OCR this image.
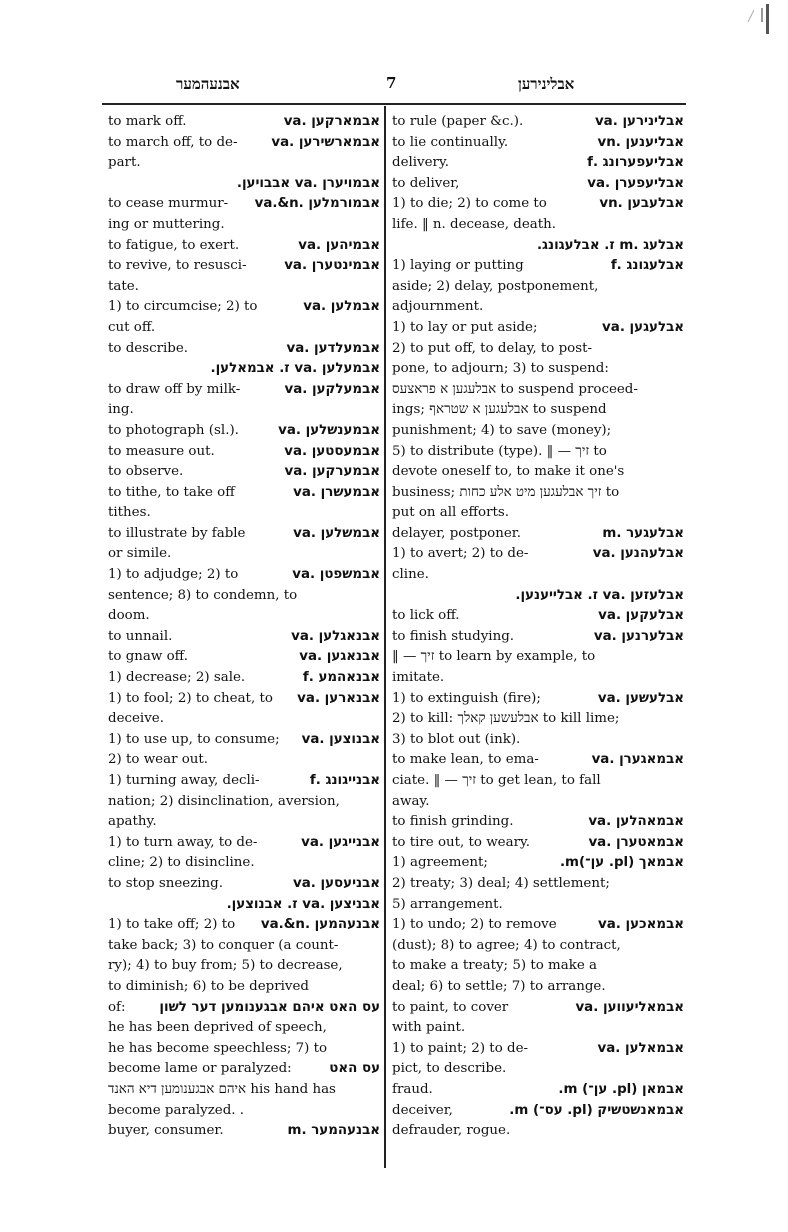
אבנעהמער	7	אבלינירען
to mark off.	אבמארקען .va
to march off, to de-	אבמארשירען .va
part.
אבמויערן .va אבבויען.
to cease murmur- אבמורמלען .va.&n
ing or muttering.
to fatigue, to exert.	אבמיהען .va
to revive, to resusci-	אבמינטערן .va
tate.
1) to circumcise; 2) to	אבמלען .va
cut off.
to describe.	אבמעלדען .va
אבמעלען .va ז. אבמאלען.
to draw off by milk-	אבמעלקען .va
ing.
to photograph (sl.).	אבמענשלען .va
to measure out.	אבמעסטען .va
to observe.	אבמערקען .va
to tithe, to take off	אבמעשרן .va
tithes.
to illustrate by fable	אבמשלען .va
or simile.
1) to adjudge; 2) to	אבמשפטן .va
sentence; 8) to condemn, to
doom.
to unnail.	אבנאגלען .va
to gnaw off.	אבנאגען .va
1) decrease; 2) sale.	אבנאהמע .f
1) to fool; 2) to cheat, to אבנארען .va
deceive.
1) to use up, to consume; אבנוצען .va
2) to wear out.
1) turning away, decli-	אבנייגונג .f
nation; 2) disinclination, aversion,
apathy.
1) to turn away, to de-	אבנייגען .va
cline; 2) to disincline.
to stop sneezing.	אבניעסען .va
אבניצען .va ז. אבנוצען.
1) to take off; 2) to אבנעהמען .va.&n
take back; 3) to conquer (a count-
ry); 4) to buy from; 5) to decrease,
to diminish; 6) to be deprived
of:	עס האט איהם אבגענומען דער לשון
he has been deprived of speech,
he has become speechless; 7) to
become lame or paralyzed:	עס האט
איהם אבגענומען דיא האנד his hand has
become paralyzed. .
buyer, consumer.	אבנעהמער .m
to rule (paper &c.).	אבלינירען .va
to lie continually.	אבליענען .vn
delivery.	אבליעפערונג .f
to deliver,	אבליעפערן .va
1) to die; 2) to come to	אבלעבען .vn
life. ‖ n. decease, death.
אבלעג .m ז. אבלעגונג.
1) laying or putting	אבלעגונג .f
aside; 2) delay, postponement,
adjournment.
1) to lay or put aside;	אבלעגען .va
2) to put off, to delay, to post-
pone, to adjourn; 3) to suspend:
אבלעגען א פראצעס to suspend proceed-
ings; אבלעגען א שטראף to suspend
punishment; 4) to save (money);
5) to distribute (type). ‖ — זיך to
devote oneself to, to make it one's
business; זיך אבלעגען מיט אלע כחות to
put on all efforts.
delayer, postponer.	אבלעגער .m
1) to avert; 2) to de-	אבלעהנען .va
cline.
אבלעזען .va ז. אבלייענען.
to lick off.	אבלעקען .va
to finish studying.	אבלערנען .va
‖ — זיך to learn by example, to
imitate.
1) to extinguish (fire);	אבלעשען .va
2) to kill: אבלעשען קאלך to kill lime;
3) to blot out (ink).
to make lean, to ema-	אבמאגערן .va
ciate. ‖ — זיך to get lean, to fall
away.
to finish grinding.	אבמאהלען .va
to tire out, to weary.	אבמאטערן .va
1) agreement;	אבמאך (pl. ען־)m.
2) treaty; 3) deal; 4) settlement;
5) arrangement.
1) to undo; 2) to remove	אבמאכען .va
(dust); 8) to agree; 4) to contract,
to make a treaty; 5) to make a
deal; 6) to settle; 7) to arrange.
to paint, to cover	אבמאליעווען .va
with paint.
1) to paint; 2) to de-	אבמאלען .va
pict, to describe.
fraud.	אבמאן (pl. ען־) m.
deceiver,	אבמאנשטשיק (pl. עס־) m.
defrauder, rogue.
